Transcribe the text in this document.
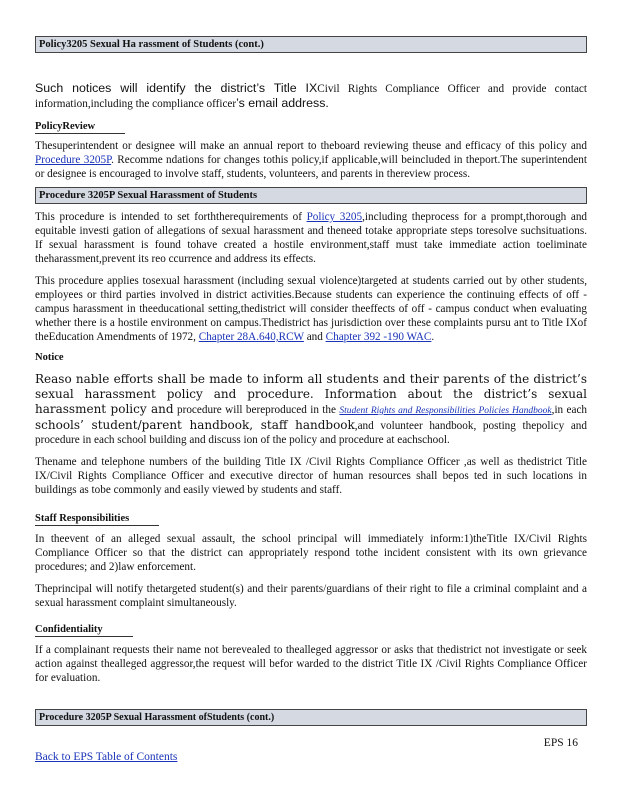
Policy3205 Sexual Ha rassment of Students (cont.)

Such notices will identify the district’s Title IXCivil Rights Compliance Officer and provide contact information,including the compliance officer’s email address.

PolicyReview

Thesuperintendent or designee will make an annual report to theboard reviewing theuse and efficacy of this policy and Procedure 3205P. Recomme ndations for changes tothis policy,if applicable,will beincluded in theport.The superintendent or designee is encouraged to involve staff, students, volunteers, and parents in thereview process.

Procedure 3205P Sexual Harassment of Students

This procedure is intended to set forththerequirements of Policy 3205,including theprocess for a prompt,thorough and equitable investi gation of allegations of sexual harassment and theneed totake appropriate steps toresolve suchsituations. If sexual harassment is found tohave created a hostile environment,staff must take immediate action toeliminate theharassment,prevent its reo ccurrence and address its effects.

This procedure applies tosexual harassment (including sexual violence)targeted at students carried out by other students, employees or third parties involved in district activities.Because students can experience the continuing effects of off - campus harassment in theeducational setting,thedistrict will consider theeffects of off - campus conduct when evaluating whether there is a hostile environment on campus.Thedistrict has jurisdiction over these complaints pursu ant to Title IXof theEducation Amendments of 1972, Chapter 28A.640,RCW and Chapter 392 -190 WAC.

Notice

Reaso nable efforts shall be made to inform all students and their parents of the district’s sexual harassment policy and procedure. Information about the district’s sexual harassment policy and procedure will bereproduced in the Student Rights and Responsibilities Policies Handbook,in each schools’ student/parent handbook, staff handbook,and volunteer handbook, posting thepolicy and procedure in each school building and discuss ion of the policy and procedure at eachschool.

Thename and telephone numbers of the building Title IX /Civil Rights Compliance Officer ,as well as thedistrict Title IX/Civil Rights Compliance Officer and executive director of human resources shall bepos ted in such locations in buildings as tobe commonly and easily viewed by students and staff.

Staff Responsibilities

In theevent of an alleged sexual assault, the school principal will immediately inform:1)theTitle IX/Civil Rights Compliance Officer so that the district can appropriately respond tothe incident consistent with its own grievance procedures; and 2)law enforcement.

Theprincipal will notify thetargeted student(s) and their parents/guardians of their right to file a criminal complaint and a sexual harassment complaint simultaneously.

Confidentiality

If a complainant requests their name not berevealed to thealleged aggressor or asks that thedistrict not investigate or seek action against thealleged aggressor,the request will befor warded to the district Title IX /Civil Rights Compliance Officer for evaluation.

Procedure 3205P Sexual Harassment ofStudents (cont.)
EPS 16
Back to EPS Table of Contents
